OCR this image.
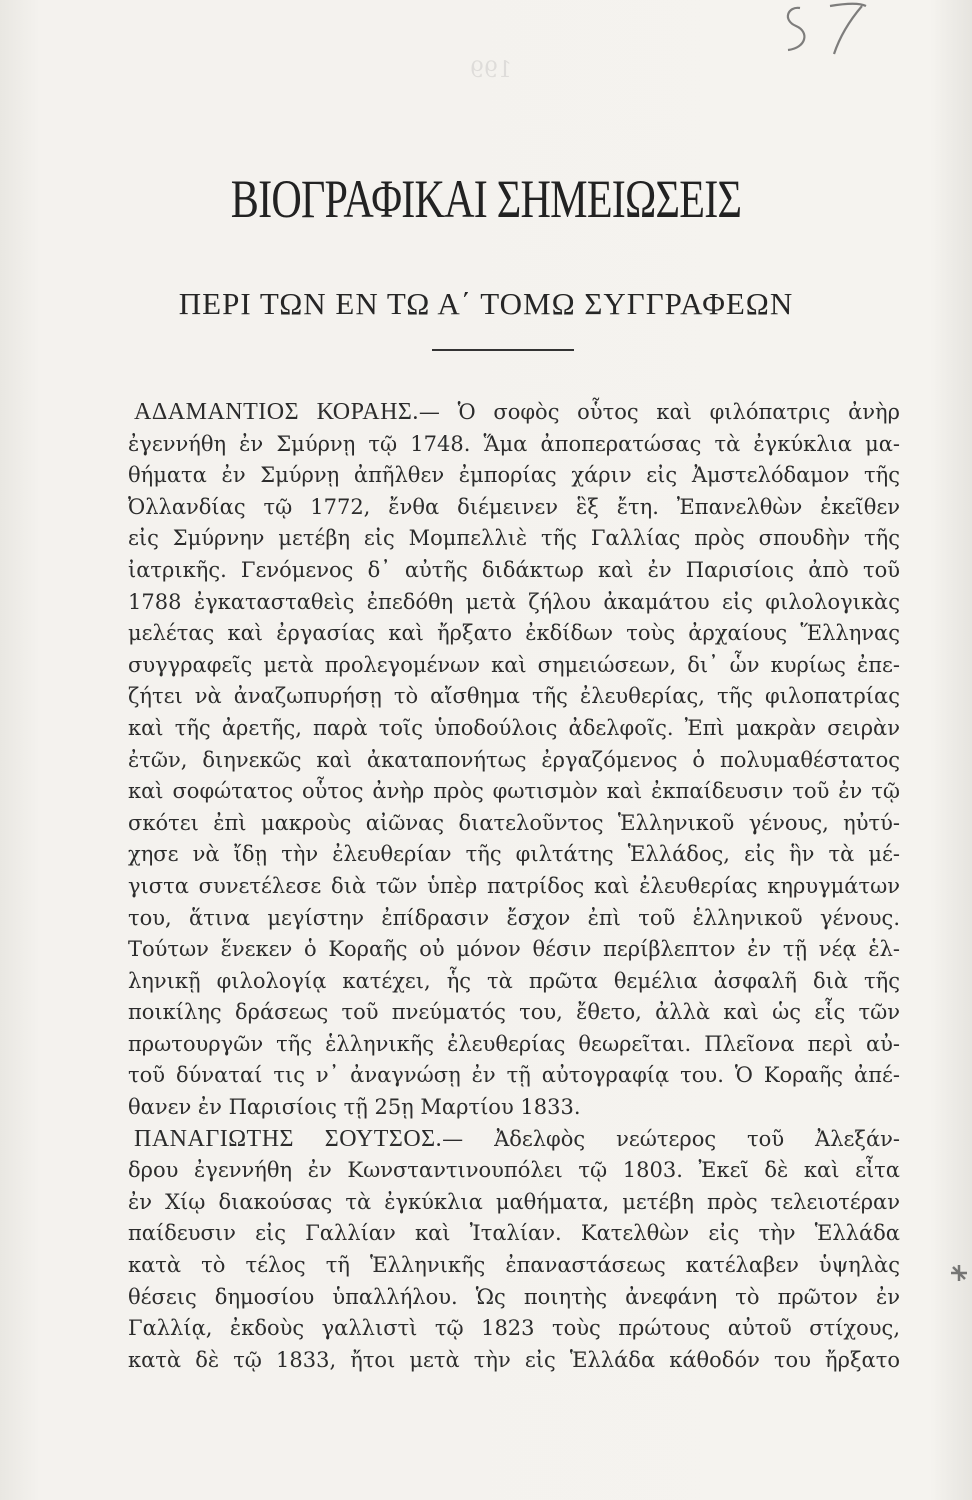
199
ΒΙΟΓΡΑΦΙΚΑΙ ΣΗΜΕΙΩΣΕΙΣ
ΠΕΡΙ ΤΩΝ ΕΝ ΤΩ Α΄ ΤΟΜΩ ΣΥΓΓΡΑΦΕΩΝ
ΑΔΑΜΑΝΤΙΟΣ ΚΟΡΑΗΣ.— Ὁ σοφὸς οὗτος καὶ φιλόπατρις ἀνὴρ
ἐγεννήθη ἐν Σμύρνῃ τῷ 1748. Ἅμα ἀποπερατώσας τὰ ἐγκύκλια μα-
θήματα ἐν Σμύρνῃ ἀπῆλθεν ἐμπορίας χάριν εἰς Ἀμστελόδαμον τῆς
Ὀλλανδίας τῷ 1772, ἔνθα διέμεινεν ἓξ ἔτη. Ἐπανελθὼν ἐκεῖθεν
εἰς Σμύρνην μετέβη εἰς Μομπελλιὲ τῆς Γαλλίας πρὸς σπουδὴν τῆς
ἰατρικῆς. Γενόμενος δ᾿ αὐτῆς διδάκτωρ καὶ ἐν Παρισίοις ἀπὸ τοῦ
1788 ἐγκατασταθεὶς ἐπεδόθη μετὰ ζήλου ἀκαμάτου εἰς φιλολογικὰς
μελέτας καὶ ἐργασίας καὶ ἤρξατο ἐκδίδων τοὺς ἀρχαίους Ἕλληνας
συγγραφεῖς μετὰ προλεγομένων καὶ σημειώσεων, δι᾿ ὧν κυρίως ἐπε-
ζήτει νὰ ἀναζωπυρήσῃ τὸ αἴσθημα τῆς ἐλευθερίας, τῆς φιλοπατρίας
καὶ τῆς ἀρετῆς, παρὰ τοῖς ὑποδούλοις ἀδελφοῖς. Ἐπὶ μακρὰν σειρὰν
ἐτῶν, διηνεκῶς καὶ ἀκαταπονήτως ἐργαζόμενος ὁ πολυμαθέστατος
καὶ σοφώτατος οὗτος ἀνὴρ πρὸς φωτισμὸν καὶ ἐκπαίδευσιν τοῦ ἐν τῷ
σκότει ἐπὶ μακροὺς αἰῶνας διατελοῦντος Ἑλληνικοῦ γένους, ηὐτύ-
χησε νὰ ἴδῃ τὴν ἐλευθερίαν τῆς φιλτάτης Ἑλλάδος, εἰς ἣν τὰ μέ-
γιστα συνετέλεσε διὰ τῶν ὑπὲρ πατρίδος καὶ ἐλευθερίας κηρυγμάτων
του, ἅτινα μεγίστην ἐπίδρασιν ἔσχον ἐπὶ τοῦ ἑλληνικοῦ γένους.
Τούτων ἕνεκεν ὁ Κοραῆς οὐ μόνον θέσιν περίβλεπτον ἐν τῇ νέᾳ ἑλ-
ληνικῇ φιλολογίᾳ κατέχει, ἧς τὰ πρῶτα θεμέλια ἀσφαλῆ διὰ τῆς
ποικίλης δράσεως τοῦ πνεύματός του, ἔθετο, ἀλλὰ καὶ ὡς εἷς τῶν
πρωτουργῶν τῆς ἑλληνικῆς ἐλευθερίας θεωρεῖται. Πλεῖονα περὶ αὐ-
τοῦ δύναταί τις ν᾿ ἀναγνώσῃ ἐν τῇ αὐτογραφίᾳ του. Ὁ Κοραῆς ἀπέ-
θανεν ἐν Παρισίοις τῇ 25ῃ Μαρτίου 1833.
ΠΑΝΑΓΙΩΤΗΣ ΣΟΥΤΣΟΣ.— Ἀδελφὸς νεώτερος τοῦ Ἀλεξάν-
δρου ἐγεννήθη ἐν Κωνσταντινουπόλει τῷ 1803. Ἐκεῖ δὲ καὶ εἶτα
ἐν Χίῳ διακούσας τὰ ἐγκύκλια μαθήματα, μετέβη πρὸς τελειοτέραν
παίδευσιν εἰς Γαλλίαν καὶ Ἰταλίαν. Κατελθὼν εἰς τὴν Ἑλλάδα
κατὰ τὸ τέλος τῆ Ἑλληνικῆς ἐπαναστάσεως κατέλαβεν ὑψηλὰς
θέσεις δημοσίου ὑπαλλήλου. Ὡς ποιητὴς ἀνεφάνη τὸ πρῶτον ἐν
Γαλλίᾳ, ἐκδοὺς γαλλιστὶ τῷ 1823 τοὺς πρώτους αὐτοῦ στίχους,
κατὰ δὲ τῷ 1833, ἤτοι μετὰ τὴν εἰς Ἑλλάδα κάθοδόν του ἤρξατο
